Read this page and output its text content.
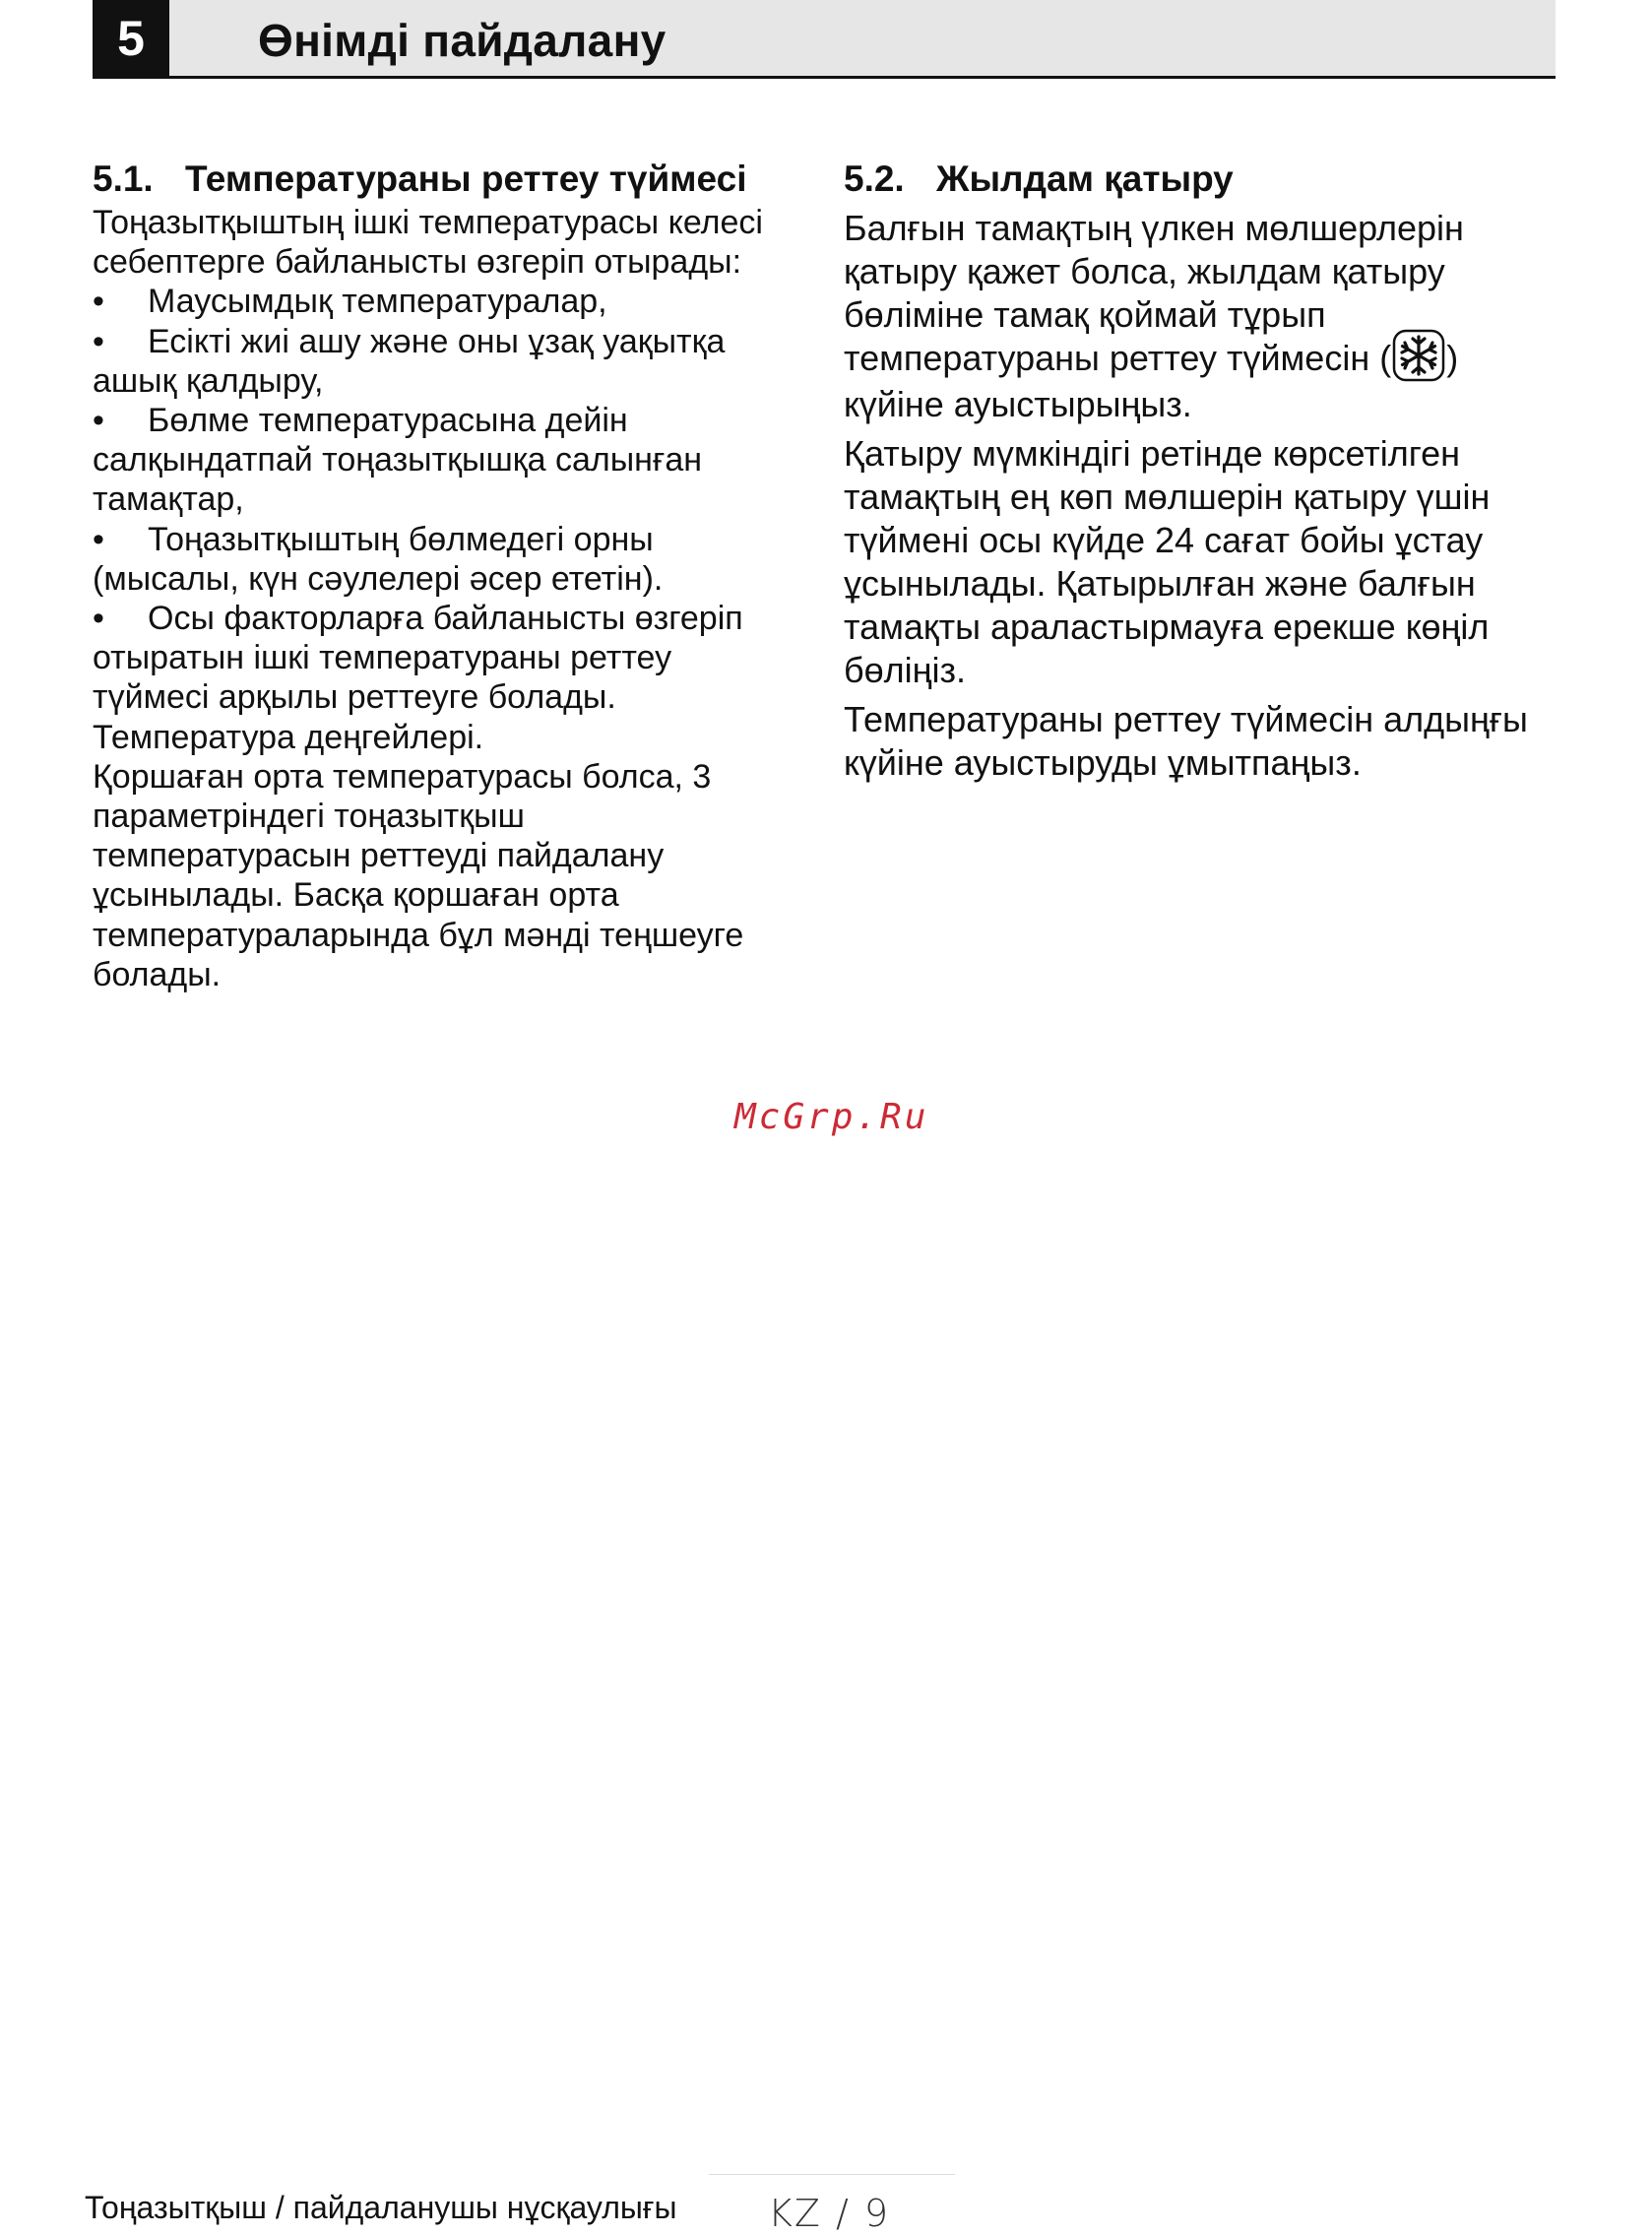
5	Өнімді пайдалану
5.1. Температураны реттеу түймесі

Тоңазытқыштың ішкі температурасы келесі себептерге байланысты өзгеріп отырады:

• Маусымдық температуралар,

• Есікті жиі ашу және оны ұзақ уақытқа ашық қалдыру,

• Бөлме температурасына дейін салқындатпай тоңазытқышқа салынған тамақтар,

• Тоңазытқыштың бөлмедегі орны (мысалы, күн сәулелері әсер ететін).

• Осы факторларға байланысты өзгеріп отыратын ішкі температураны реттеу түймесі арқылы реттеуге болады.

Температура деңгейлері.

Қоршаған орта температурасы болса, 3 параметріндегі тоңазытқыш температурасын реттеуді пайдалану ұсынылады. Басқа қоршаған орта температураларында бұл мәнді теңшеуге болады.

5.2. Жылдам қатыру

Балғын тамақтың үлкен мөлшерлерін қатыру қажет болса, жылдам қатыру бөліміне тамақ қоймай тұрып температураны реттеу түймесін ( ) күйіне ауыстырыңыз.

Қатыру мүмкіндігі ретінде көрсетілген тамақтың ең көп мөлшерін қатыру үшін түймені осы күйде 24 сағат бойы ұстау ұсынылады. Қатырылған және балғын тамақты араластырмауға ерекше көңіл бөліңіз.

Температураны реттеу түймесін алдыңғы күйіне ауыстыруды ұмытпаңыз.

McGrp.Ru
Тоңазытқыш / пайдаланушы нұсқаулығы KZ / 9
